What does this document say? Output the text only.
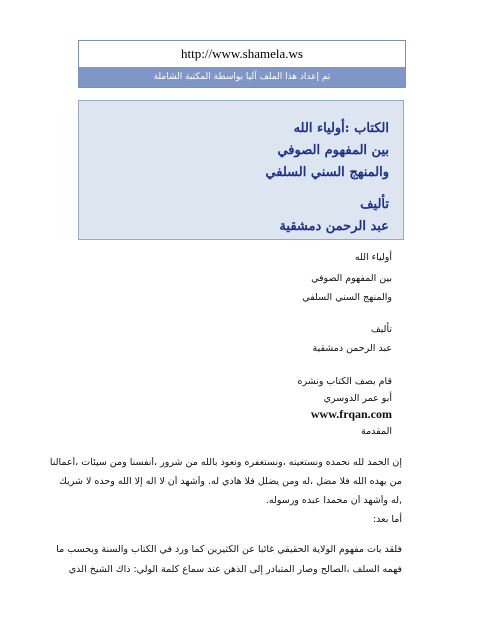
http://www.shamela.ws
تم إعداد هذا الملف آليا بواسطة المكتبة الشاملة
الكتاب :أولياء الله
بين المفهوم الصوفي
والمنهج السني السلفي
تأليف
عبد الرحمن دمشقية
أولياء الله
بين المفهوم الصوفي
والمنهج السني السلفي
تأليف
عبد الرحمن دمشقية
قام بصف الكتاب ونشره
أبو عمر الدوسري
www.frqan.com
المقدمة
إن الحمد لله نحمده ونستعينه ،ونستغفره ونعوذ بالله من شرور ،أنفسنا ومن سيئات ،أعمالنا
من يهده الله فلا مضل ،له ومن يضلل فلا هادي له. وأشهد أن لا اله إلا الله وحده لا شريك
,له وأشهد أن محمدا عبده ورسوله.
أما بعد:
فلقد بات مفهوم الولاية الحقيقي غائبا عن الكثيرين كما ورد في الكتاب والسنة وبحسب ما
فهمه السلف ،الصالح وصار المتبادر إلى الذهن عند سماع كلمة الولي: ذاك الشيخ الذي
